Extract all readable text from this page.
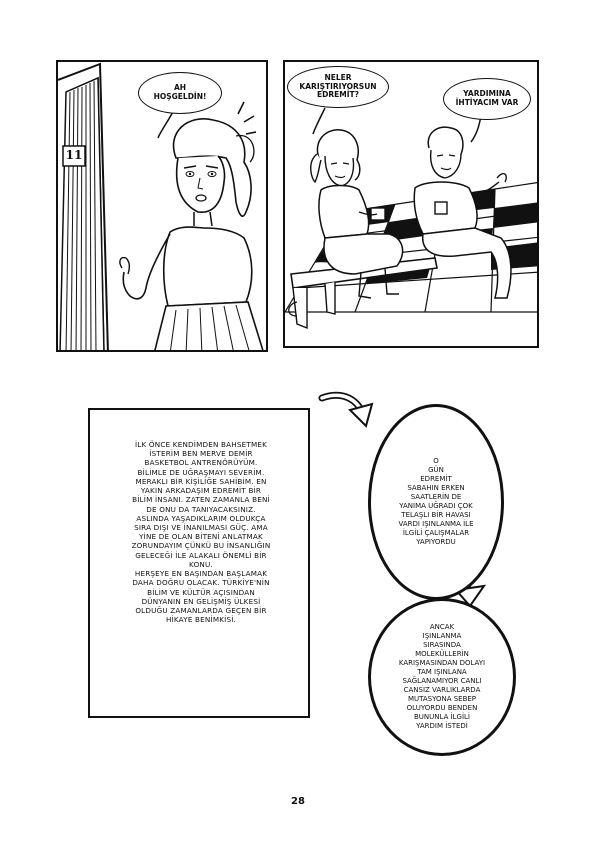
11
AH
HOŞGELDİN!
NELER
KARIŞTIRIYORSUN
EDREMİT?	YARDIMINA
İHTİYACIM VAR
İLK ÖNCE KENDİMDEN BAHSETMEK
İSTERİM BEN MERVE DEMİR
BASKETBOL ANTRENÖRÜYÜM.
BİLİMLE DE UĞRAŞMAYI SEVERİM.
MERAKLI BİR KİŞİLİĞE SAHİBİM. EN
YAKIN ARKADAŞIM EDREMİT BİR
BİLİM İNSANI. ZATEN ZAMANLA BENİ
DE ONU DA TANIYACAKSINIZ.
ASLINDA YAŞADIKLARIM OLDUKÇA
SIRA DIŞI VE İNANILMASI GÜÇ. AMA
YİNE DE OLAN BİTENİ ANLATMAK
ZORUNDAYIM ÇÜNKÜ BU İNSANLIĞIN
GELECEĞİ İLE ALAKALI ÖNEMLİ BİR
KONU.
HERŞEYE EN BAŞINDAN BAŞLAMAK
DAHA DOĞRU OLACAK. TÜRKİYE'NİN
BİLİM VE KÜLTÜR AÇISINDAN
DÜNYANIN EN GELİŞMİŞ ÜLKESİ
OLDUĞU ZAMANLARDA GEÇEN BİR
HİKAYE BENİMKİSİ.
O
GÜN
EDREMİT
SABAHIN ERKEN
SAATLERİN DE
YANIMA UĞRADI ÇOK
TELAŞLI BİR HAVASI
VARDI IŞINLANMA İLE
İLGİLİ ÇALIŞMALAR
YAPIYORDU
ANCAK
IŞINLANMA
SIRASINDA
MOLEKÜLLERİN
KARIŞMASINDAN DOLAYI
TAM IŞINLANA
SAĞLANAMIYOR CANLI
CANSIZ VARLIKLARDA
MUTASYONA SEBEP
OLUYORDU BENDEN
BUNUNLA İLGİLİ
YARDIM İSTEDİ
28
